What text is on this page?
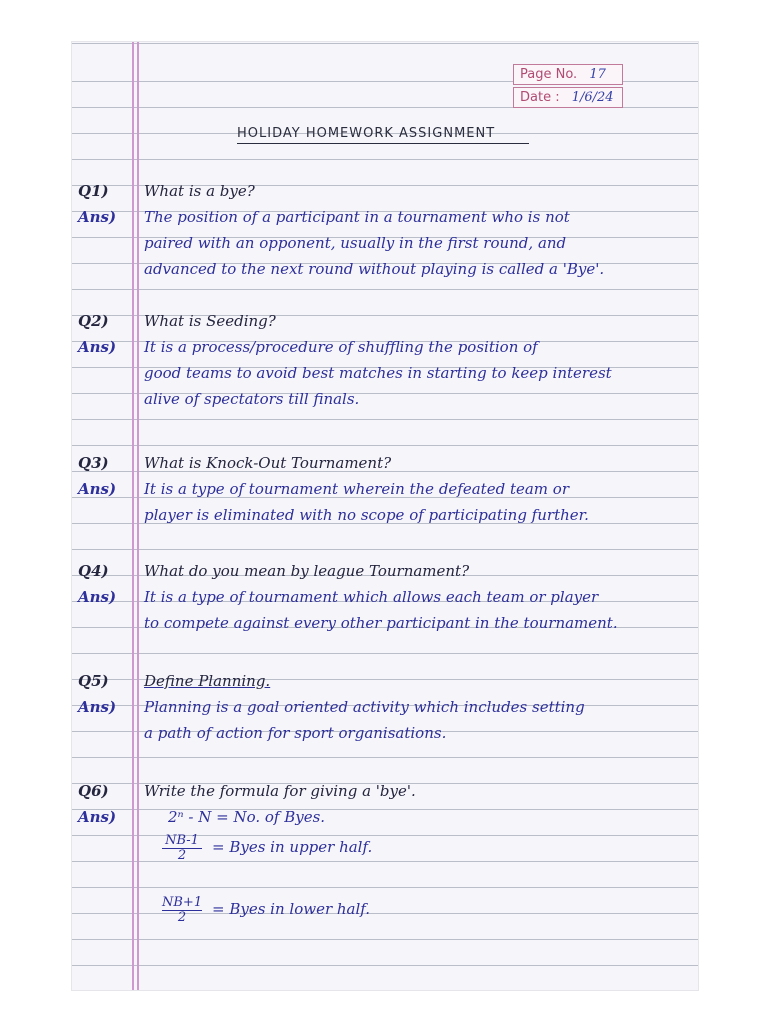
Page No. 17
Date : 1/6/24
HOLIDAY HOMEWORK ASSIGNMENT
Q1) What is a bye?
Ans) The position of a participant in a tournament who is not
paired with an opponent, usually in the first round, and
advanced to the next round without playing is called a 'Bye'.
Q2) What is Seeding?
Ans) It is a process/procedure of shuffling the position of
good teams to avoid best matches in starting to keep interest
alive of spectators till finals.
Q3) What is Knock-Out Tournament?
Ans) It is a type of tournament wherein the defeated team or
player is eliminated with no scope of participating further.
Q4) What do you mean by league Tournament?
Ans) It is a type of tournament which allows each team or player
to compete against every other participant in the tournament.
Q5) Define Planning.
Ans) Planning is a goal oriented activity which includes setting
a path of action for sport organisations.
Q6) Write the formula for giving a 'bye'.
Ans)	2ⁿ - N = No. of Byes.
$\frac{NB-1}{2}$ = Byes in upper half.
$\frac{NB+1}{2}$ = Byes in lower half.
